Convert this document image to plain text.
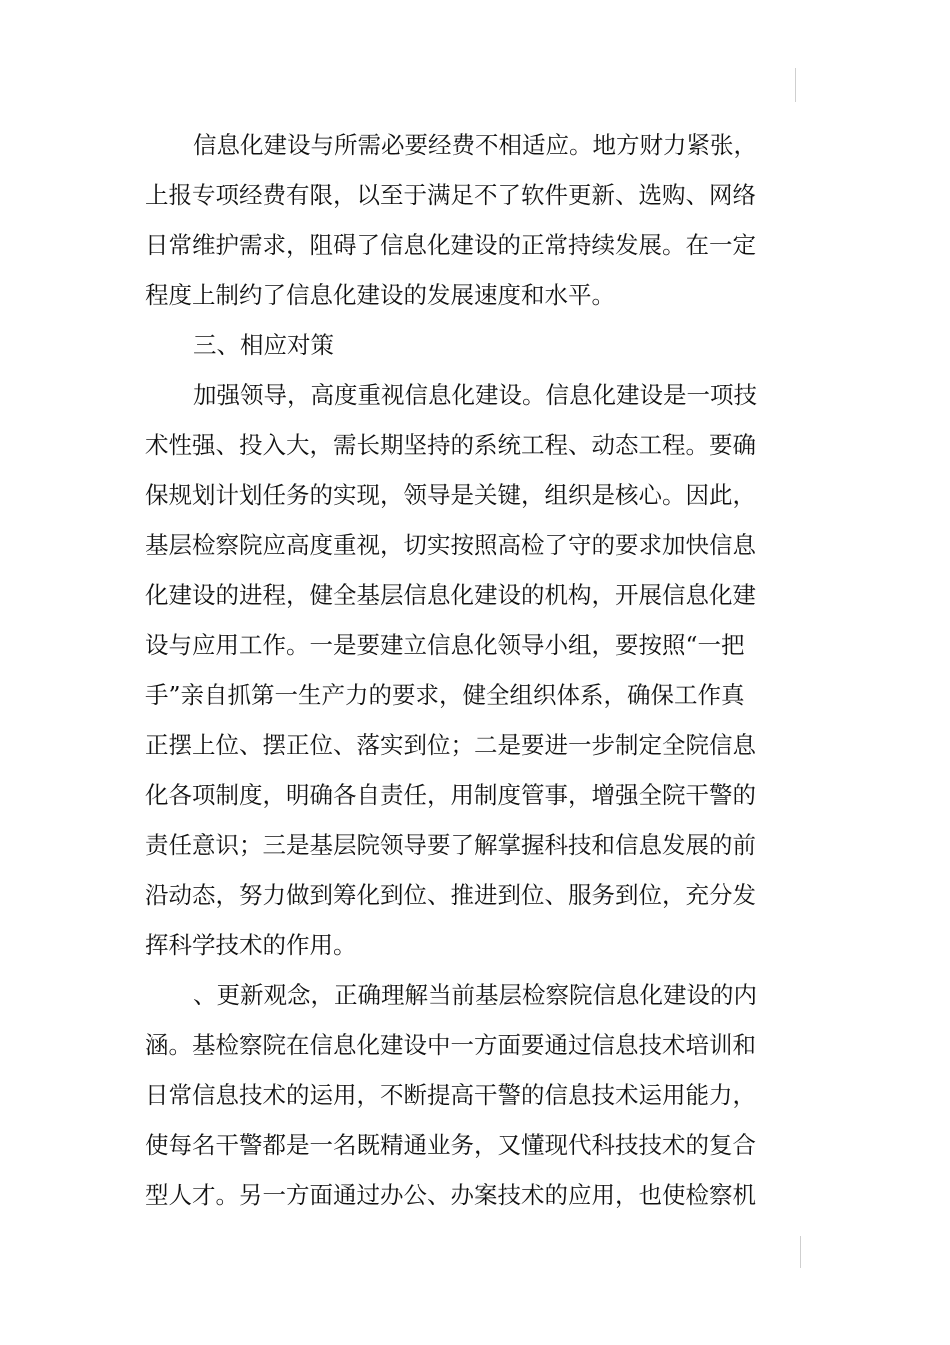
信息化建设与所需必要经费不相适应。地方财力紧张，
上报专项经费有限，以至于满足不了软件更新、选购、网络
日常维护需求，阻碍了信息化建设的正常持续发展。在一定
程度上制约了信息化建设的发展速度和水平。
三、相应对策
加强领导，高度重视信息化建设。信息化建设是一项技
术性强、投入大，需长期坚持的系统工程、动态工程。要确
保规划计划任务的实现，领导是关键，组织是核心。因此，
基层检察院应高度重视，切实按照高检了守的要求加快信息
化建设的进程，健全基层信息化建设的机构，开展信息化建
设与应用工作。一是要建立信息化领导小组，要按照“一把
手”亲自抓第一生产力的要求，健全组织体系，确保工作真
正摆上位、摆正位、落实到位；二是要进一步制定全院信息
化各项制度，明确各自责任，用制度管事，增强全院干警的
责任意识；三是基层院领导要了解掌握科技和信息发展的前
沿动态，努力做到筹化到位、推进到位、服务到位，充分发
挥科学技术的作用。
、更新观念，正确理解当前基层检察院信息化建设的内
涵。基检察院在信息化建设中一方面要通过信息技术培训和
日常信息技术的运用，不断提高干警的信息技术运用能力，
使每名干警都是一名既精通业务，又懂现代科技技术的复合
型人才。另一方面通过办公、办案技术的应用，也使检察机
